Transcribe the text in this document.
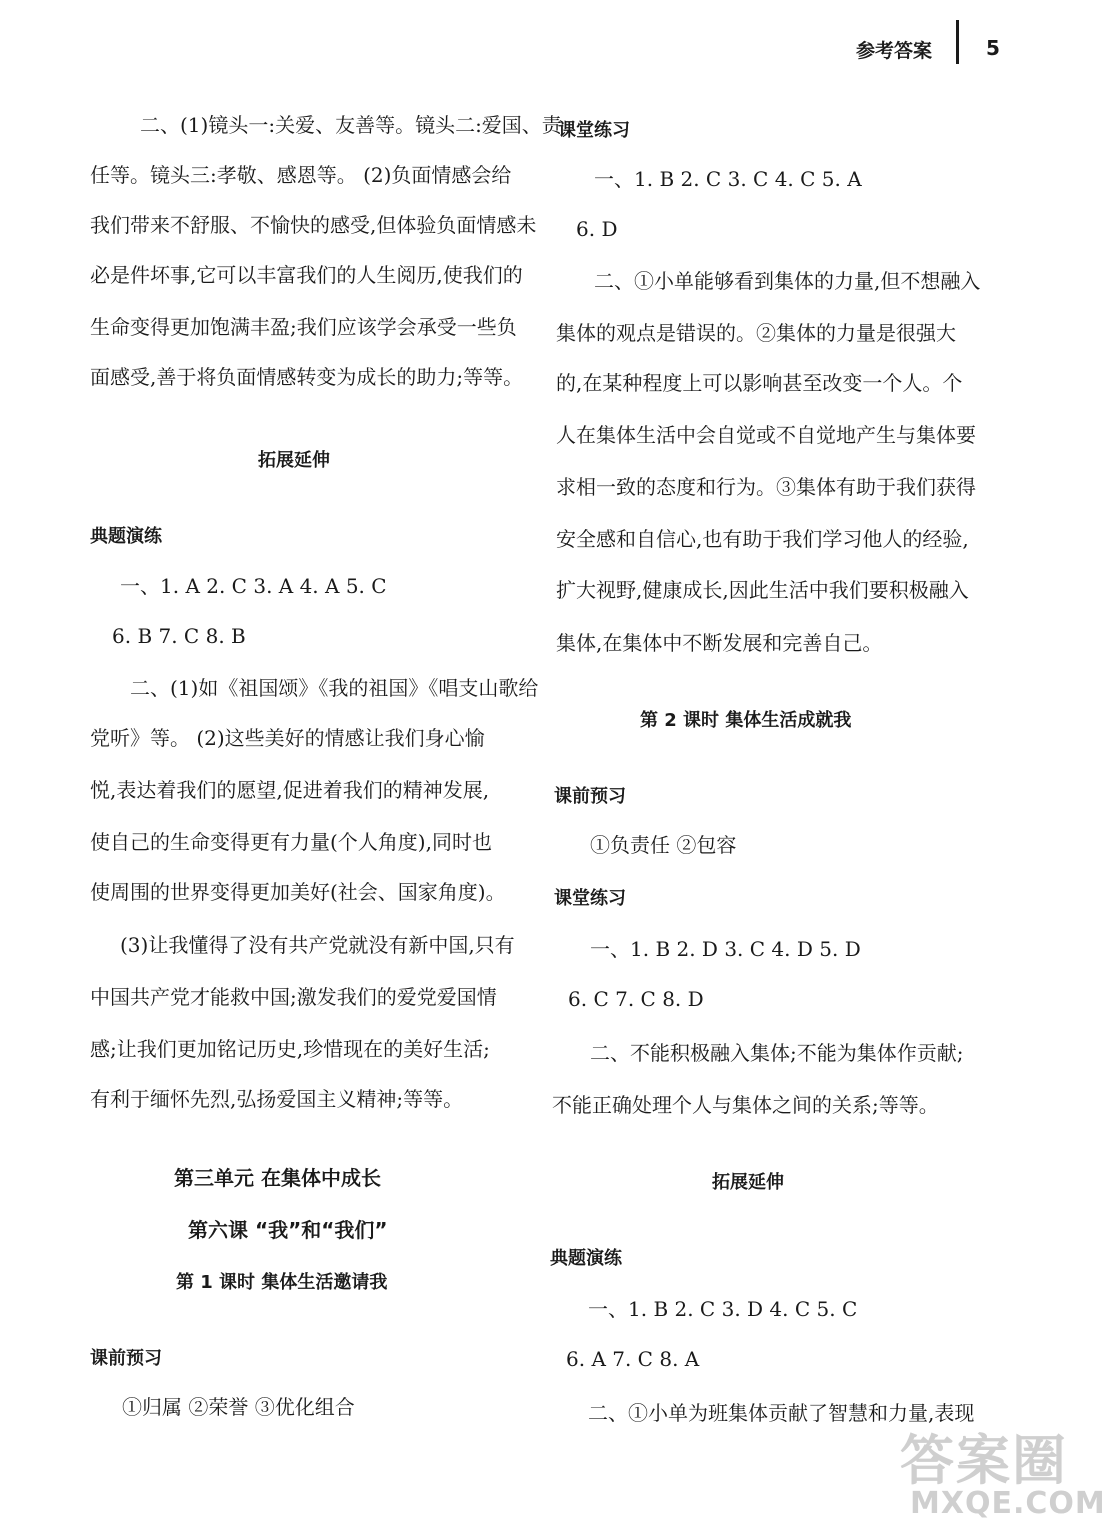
参考答案	5
二、(1)镜头一:关爱、友善等。镜头二:爱国、责
任等。镜头三:孝敬、感恩等。 (2)负面情感会给
我们带来不舒服、不愉快的感受,但体验负面情感未
必是件坏事,它可以丰富我们的人生阅历,使我们的
生命变得更加饱满丰盈;我们应该学会承受一些负
面感受,善于将负面情感转变为成长的助力;等等。
拓展延伸
典题演练
一、1. A 2. C 3. A 4. A 5. C
6. B 7. C 8. B
二、(1)如《祖国颂》《我的祖国》《唱支山歌给
党听》等。 (2)这些美好的情感让我们身心愉
悦,表达着我们的愿望,促进着我们的精神发展,
使自己的生命变得更有力量(个人角度),同时也
使周围的世界变得更加美好(社会、国家角度)。
(3)让我懂得了没有共产党就没有新中国,只有
中国共产党才能救中国;激发我们的爱党爱国情
感;让我们更加铭记历史,珍惜现在的美好生活;
有利于缅怀先烈,弘扬爱国主义精神;等等。
第三单元 在集体中成长
第六课 “我”和“我们”
第 1 课时 集体生活邀请我
课前预习
①归属 ②荣誉 ③优化组合
课堂练习
一、1. B 2. C 3. C 4. C 5. A
6. D
二、①小单能够看到集体的力量,但不想融入
集体的观点是错误的。②集体的力量是很强大
的,在某种程度上可以影响甚至改变一个人。个
人在集体生活中会自觉或不自觉地产生与集体要
求相一致的态度和行为。③集体有助于我们获得
安全感和自信心,也有助于我们学习他人的经验,
扩大视野,健康成长,因此生活中我们要积极融入
集体,在集体中不断发展和完善自己。
第 2 课时 集体生活成就我
课前预习
①负责任 ②包容
课堂练习
一、1. B 2. D 3. C 4. D 5. D
6. C 7. C 8. D
二、不能积极融入集体;不能为集体作贡献;
不能正确处理个人与集体之间的关系;等等。
拓展延伸
典题演练
一、1. B 2. C 3. D 4. C 5. C
6. A 7. C 8. A
二、①小单为班集体贡献了智慧和力量,表现
答案圈
MXQE.COM
